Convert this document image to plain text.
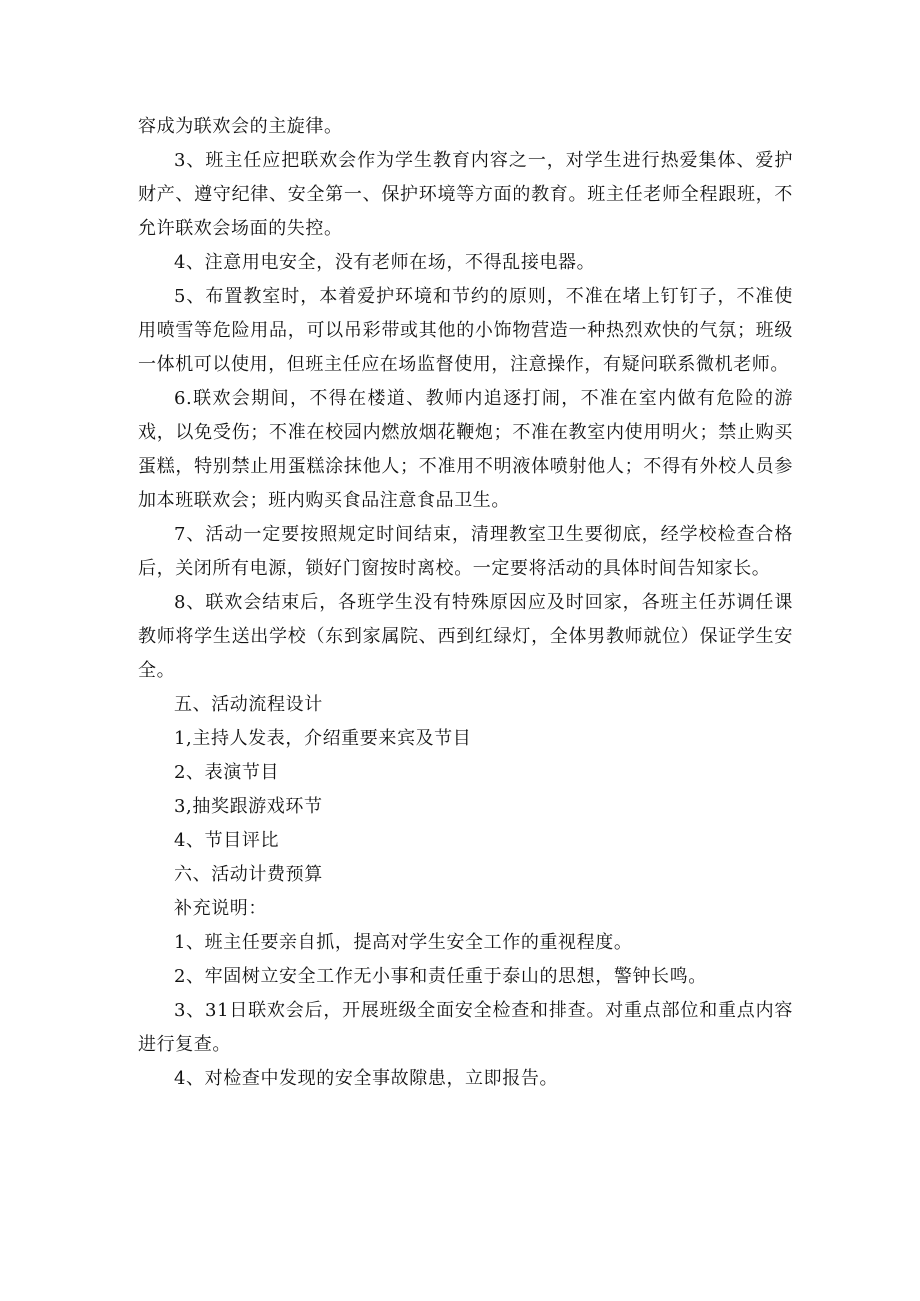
容成为联欢会的主旋律。

3、班主任应把联欢会作为学生教育内容之一，对学生进行热爱集体、爱护财产、遵守纪律、安全第一、保护环境等方面的教育。班主任老师全程跟班，不允许联欢会场面的失控。

4、注意用电安全，没有老师在场，不得乱接电器。

5、布置教室时，本着爱护环境和节约的原则，不准在堵上钉钉子，不准使用喷雪等危险用品，可以吊彩带或其他的小饰物营造一种热烈欢快的气氛；班级一体机可以使用，但班主任应在场监督使用，注意操作，有疑问联系微机老师。

6.联欢会期间，不得在楼道、教师内追逐打闹，不准在室内做有危险的游戏，以免受伤；不准在校园内燃放烟花鞭炮；不准在教室内使用明火；禁止购买蛋糕，特别禁止用蛋糕涂抹他人；不准用不明液体喷射他人；不得有外校人员参加本班联欢会；班内购买食品注意食品卫生。

7、活动一定要按照规定时间结束，清理教室卫生要彻底，经学校检查合格后，关闭所有电源，锁好门窗按时离校。一定要将活动的具体时间告知家长。

8、联欢会结束后，各班学生没有特殊原因应及时回家，各班主任苏调任课教师将学生送出学校（东到家属院、西到红绿灯，全体男教师就位）保证学生安全。

五、活动流程设计

1,主持人发表，介绍重要来宾及节目

2、表演节目

3,抽奖跟游戏环节

4、节目评比

六、活动计费预算

补充说明：

1、班主任要亲自抓，提高对学生安全工作的重视程度。

2、牢固树立安全工作无小事和责任重于泰山的思想，警钟长鸣。

3、31日联欢会后，开展班级全面安全检查和排查。对重点部位和重点内容进行复查。

4、对检查中发现的安全事故隙患，立即报告。
